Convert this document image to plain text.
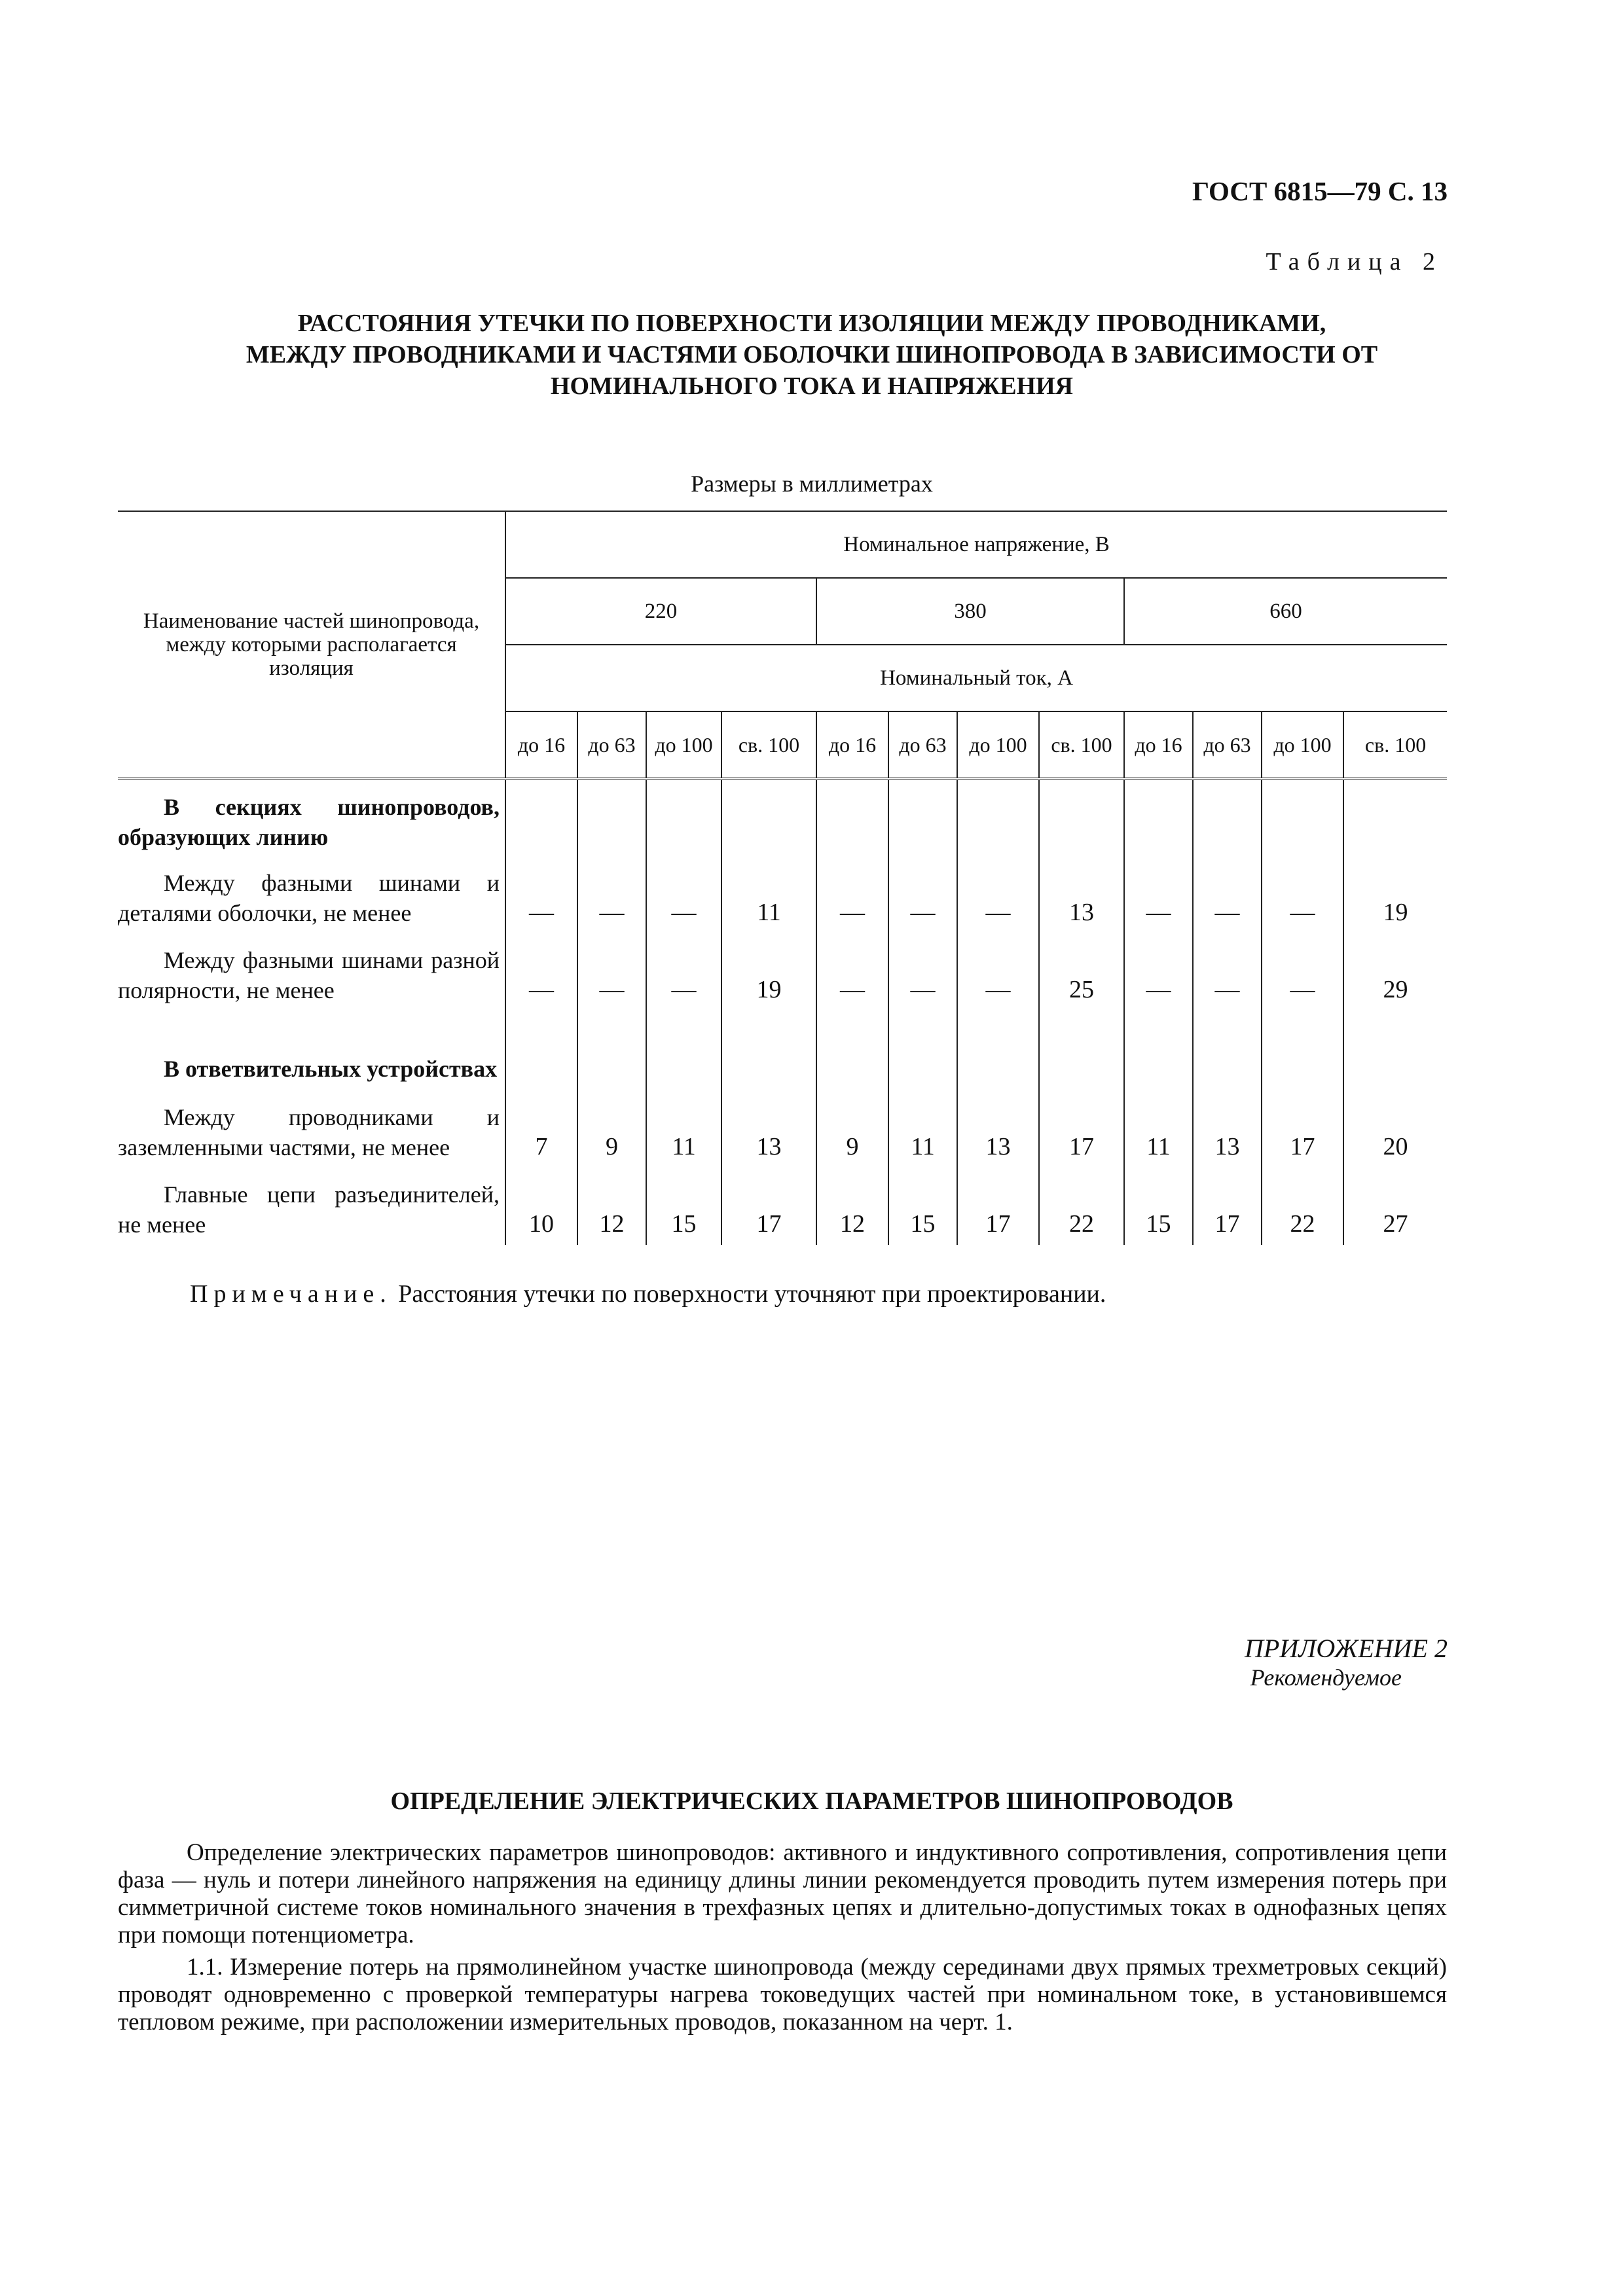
ГОСТ 6815—79 С. 13
Таблица 2
РАССТОЯНИЯ УТЕЧКИ ПО ПОВЕРХНОСТИ ИЗОЛЯЦИИ МЕЖДУ ПРОВОДНИКАМИ,
МЕЖДУ ПРОВОДНИКАМИ И ЧАСТЯМИ ОБОЛОЧКИ ШИНОПРОВОДА В ЗАВИСИМОСТИ ОТ
НОМИНАЛЬНОГО ТОКА И НАПРЯЖЕНИЯ
Размеры в миллиметрах
Наименование частей шинопровода, между которыми располагается изоляция	Номинальное напряжение, В											
	220				380				660			
	Номинальный ток, А											
	до 16	до 63	до 100	св. 100	до 16	до 63	до 100	св. 100	до 16	до 63	до 100	св. 100
В секциях шинопроводов, образующих линию												
Между фазными шинами и деталями оболочки, не менее	—	—	—	11	—	—	—	13	—	—	—	19
Между фазными шинами разной полярности, не менее	—	—	—	19	—	—	—	25	—	—	—	29
В ответвительных устройствах												
Между проводниками и заземленными частями, не менее	7	9	11	13	9	11	13	17	11	13	17	20
Главные цепи разъединителей, не менее	10	12	15	17	12	15	17	22	15	17	22	27
Примечание. Расстояния утечки по поверхности уточняют при проектировании.
ПРИЛОЖЕНИЕ 2
Рекомендуемое
ОПРЕДЕЛЕНИЕ ЭЛЕКТРИЧЕСКИХ ПАРАМЕТРОВ ШИНОПРОВОДОВ
Определение электрических параметров шинопроводов: активного и индуктивного сопротивления, сопротивления цепи фаза — нуль и потери линейного напряжения на единицу длины линии рекомендуется проводить путем измерения потерь при симметричной системе токов номинального значения в трехфазных цепях и длительно-допустимых токах в однофазных цепях при помощи потенциометра.
1.1. Измерение потерь на прямолинейном участке шинопровода (между серединами двух прямых трехметровых секций) проводят одновременно с проверкой температуры нагрева токоведущих частей при номинальном токе, в установившемся тепловом режиме, при расположении измерительных проводов, показанном на черт. 1.
